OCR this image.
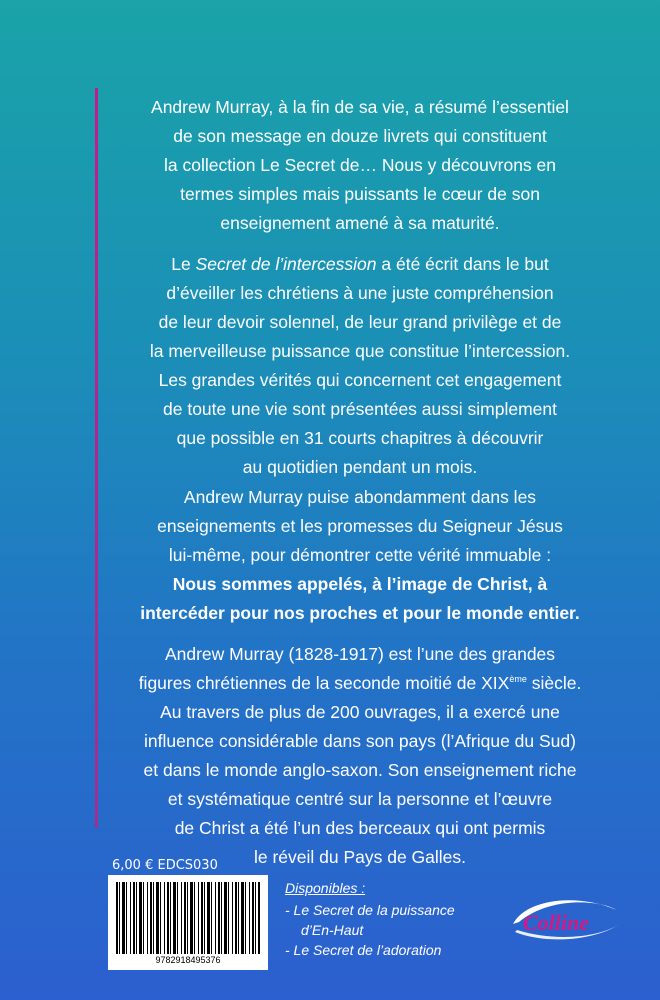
Andrew Murray, à la fin de sa vie, a résumé l’essentiel
de son message en douze livrets qui constituent
la collection Le Secret de… Nous y découvrons en
termes simples mais puissants le cœur de son
enseignement amené à sa maturité.
Le Secret de l’intercession a été écrit dans le but
d’éveiller les chrétiens à une juste compréhension
de leur devoir solennel, de leur grand privilège et de
la merveilleuse puissance que constitue l’intercession.
Les grandes vérités qui concernent cet engagement
de toute une vie sont présentées aussi simplement
que possible en 31 courts chapitres à découvrir
au quotidien pendant un mois.
Andrew Murray puise abondamment dans les
enseignements et les promesses du Seigneur Jésus
lui-même, pour démontrer cette vérité immuable :
Nous sommes appelés, à l’image de Christ, à
intercéder pour nos proches et pour le monde entier.
Andrew Murray (1828-1917) est l’une des grandes
figures chrétiennes de la seconde moitié de XIXème siècle.
Au travers de plus de 200 ouvrages, il a exercé une
influence considérable dans son pays (l’Afrique du Sud)
et dans le monde anglo-saxon. Son enseignement riche
et systématique centré sur la personne et l’œuvre
de Christ a été l’un des berceaux qui ont permis
le réveil du Pays de Galles.
6,00 € EDCS030
9782918495376
Disponibles :
- Le Secret de la puissance
d’En-Haut
- Le Secret de l’adoration
Colline
